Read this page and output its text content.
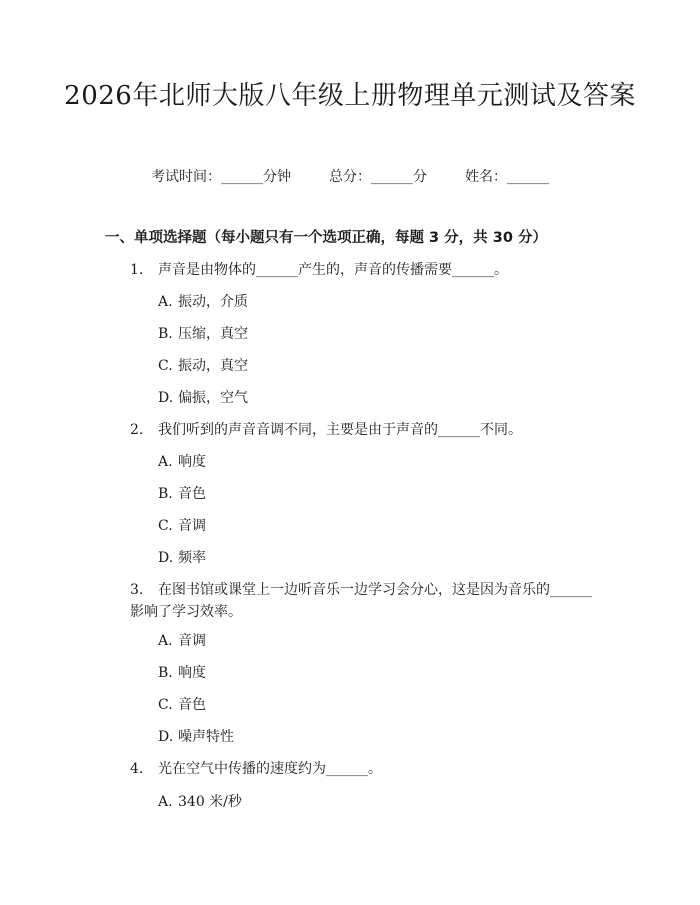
2026年北师大版八年级上册物理单元测试及答案
考试时间：______分钟	总分：______分	姓名：______
一、单项选择题（每小题只有一个选项正确，每题 3 分，共 30 分）
1. 声音是由物体的______产生的，声音的传播需要______。
A. 振动，介质
B. 压缩，真空
C. 振动，真空
D. 偏振，空气
2. 我们听到的声音音调不同，主要是由于声音的______不同。
A. 响度
B. 音色
C. 音调
D. 频率
3. 在图书馆或课堂上一边听音乐一边学习会分心，这是因为音乐的______影响了学习效率。
A. 音调
B. 响度
C. 音色
D. 噪声特性
4. 光在空气中传播的速度约为______。
A. 340 米/秒
